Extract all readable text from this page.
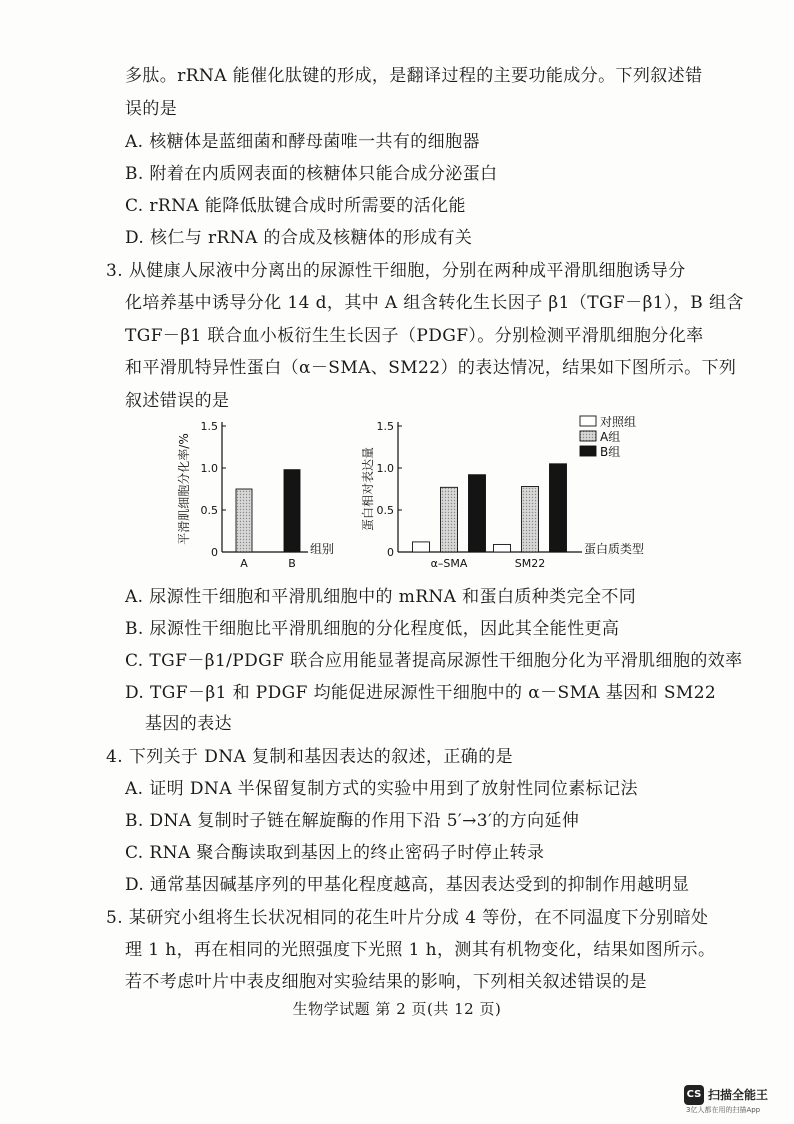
多肽。rRNA 能催化肽键的形成，是翻译过程的主要功能成分。下列叙述错
误的是
A. 核糖体是蓝细菌和酵母菌唯一共有的细胞器
B. 附着在内质网表面的核糖体只能合成分泌蛋白
C. rRNA 能降低肽键合成时所需要的活化能
D. 核仁与 rRNA 的合成及核糖体的形成有关
3. 从健康人尿液中分离出的尿源性干细胞，分别在两种成平滑肌细胞诱导分
化培养基中诱导分化 14 d，其中 A 组含转化生长因子 β1（TGF－β1），B 组含
TGF－β1 联合血小板衍生生长因子（PDGF）。分别检测平滑肌细胞分化率
和平滑肌特异性蛋白（α－SMA、SM22）的表达情况，结果如下图所示。下列
叙述错误的是
A. 尿源性干细胞和平滑肌细胞中的 mRNA 和蛋白质种类完全不同
B. 尿源性干细胞比平滑肌细胞的分化程度低，因此其全能性更高
C. TGF－β1/PDGF 联合应用能显著提高尿源性干细胞分化为平滑肌细胞的效率
D. TGF－β1 和 PDGF 均能促进尿源性干细胞中的 α－SMA 基因和 SM22
基因的表达
4. 下列关于 DNA 复制和基因表达的叙述，正确的是
A. 证明 DNA 半保留复制方式的实验中用到了放射性同位素标记法
B. DNA 复制时子链在解旋酶的作用下沿 5′→3′的方向延伸
C. RNA 聚合酶读取到基因上的终止密码子时停止转录
D. 通常基因碱基序列的甲基化程度越高，基因表达受到的抑制作用越明显
5. 某研究小组将生长状况相同的花生叶片分成 4 等份，在不同温度下分别暗处
理 1 h，再在相同的光照强度下光照 1 h，测其有机物变化，结果如图所示。
若不考虑叶片中表皮细胞对实验结果的影响，下列相关叙述错误的是
平滑肌细胞分化率/%
0
0.5
1.0
1.5
A	B
组别
蛋白相对表达量
0
0.5
1.0
1.5
α–SMA	SM22
蛋白质类型
对照组
A组
B组
生物学试题 第 2 页(共 12 页)
CS 扫描全能王
3亿人都在用的扫描App
